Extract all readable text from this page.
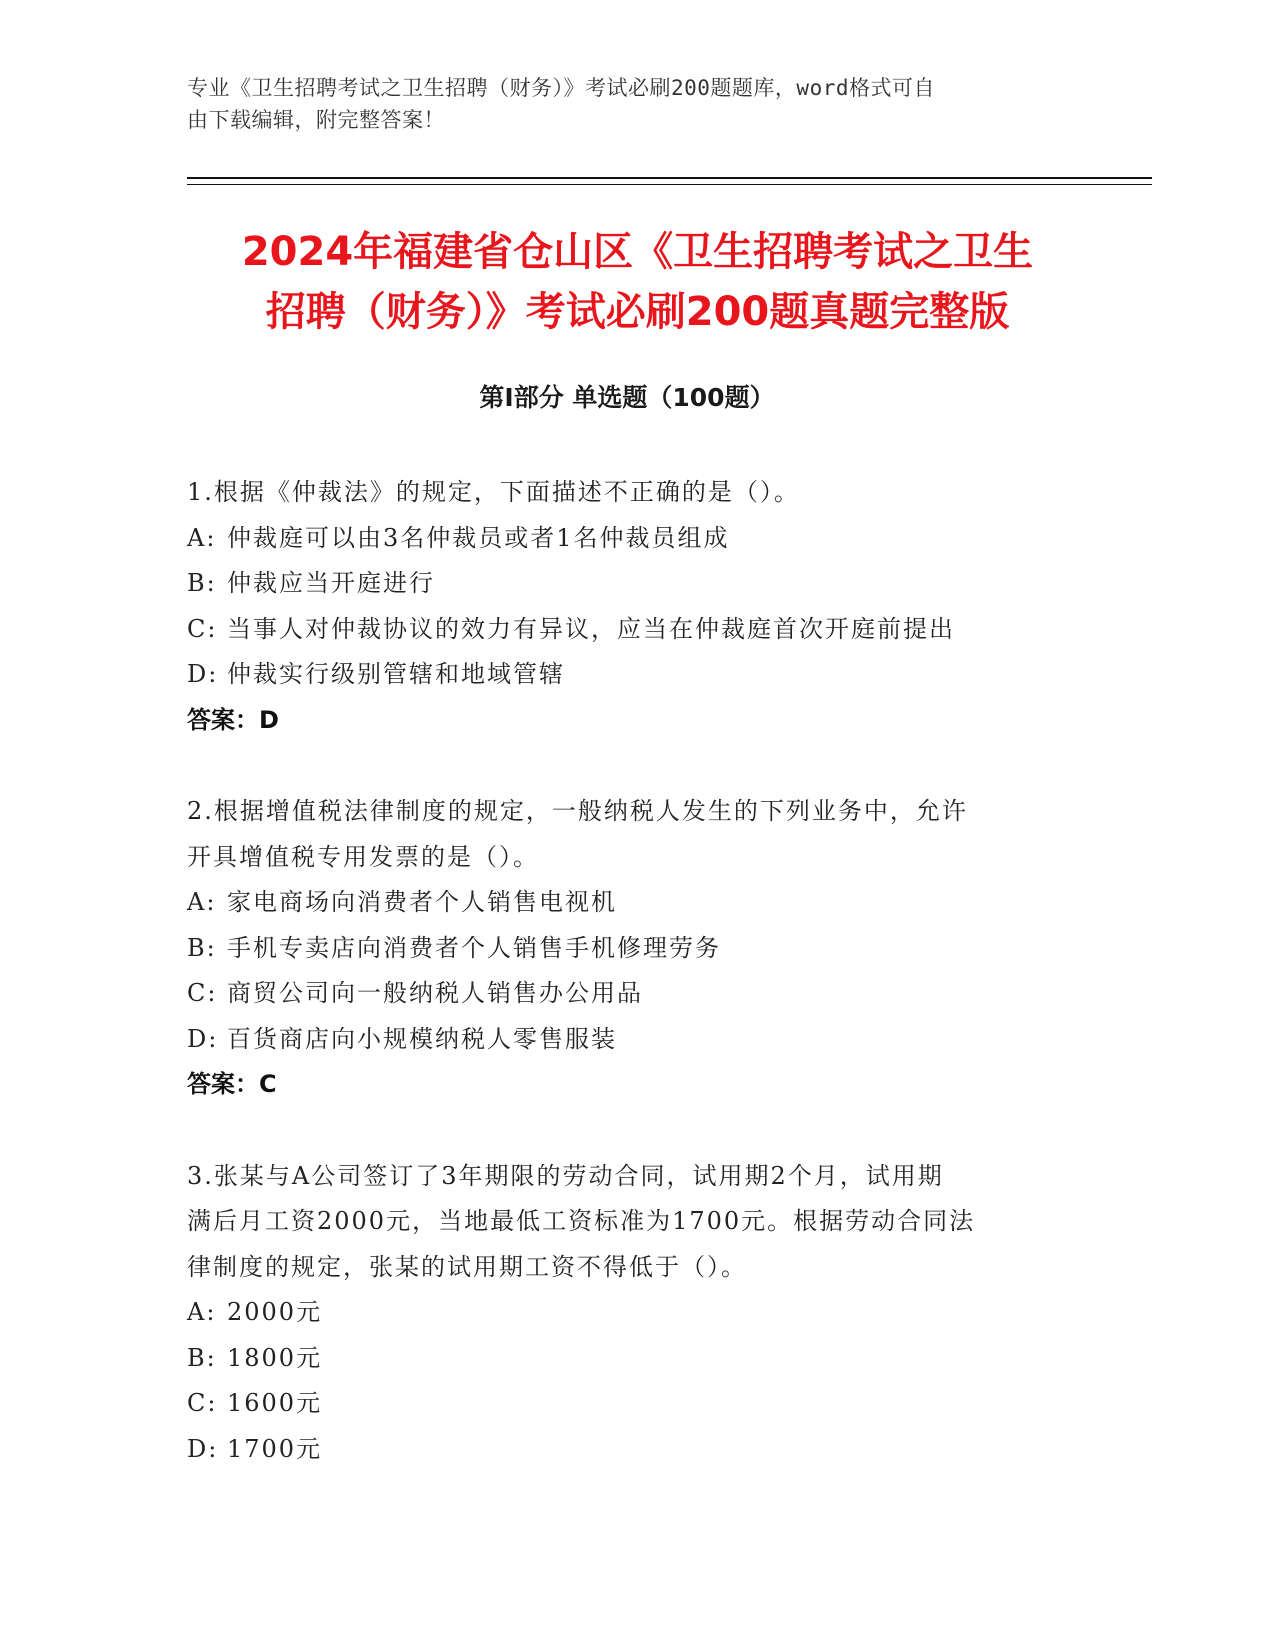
专业《卫生招聘考试之卫生招聘（财务）》考试必刷200题题库，word格式可自
由下载编辑，附完整答案！
2024年福建省仓山区《卫生招聘考试之卫生
招聘（财务）》考试必刷200题真题完整版
第Ⅰ部分 单选题（100题）
1.根据《仲裁法》的规定，下面描述不正确的是（）。
A: 仲裁庭可以由3名仲裁员或者1名仲裁员组成
B: 仲裁应当开庭进行
C: 当事人对仲裁协议的效力有异议，应当在仲裁庭首次开庭前提出
D: 仲裁实行级别管辖和地域管辖
答案：D
2.根据增值税法律制度的规定，一般纳税人发生的下列业务中，允许
开具增值税专用发票的是（）。
A: 家电商场向消费者个人销售电视机
B: 手机专卖店向消费者个人销售手机修理劳务
C: 商贸公司向一般纳税人销售办公用品
D: 百货商店向小规模纳税人零售服装
答案：C
3.张某与A公司签订了3年期限的劳动合同，试用期2个月，试用期
满后月工资2000元，当地最低工资标准为1700元。根据劳动合同法
律制度的规定，张某的试用期工资不得低于（）。
A: 2000元
B: 1800元
C: 1600元
D: 1700元
